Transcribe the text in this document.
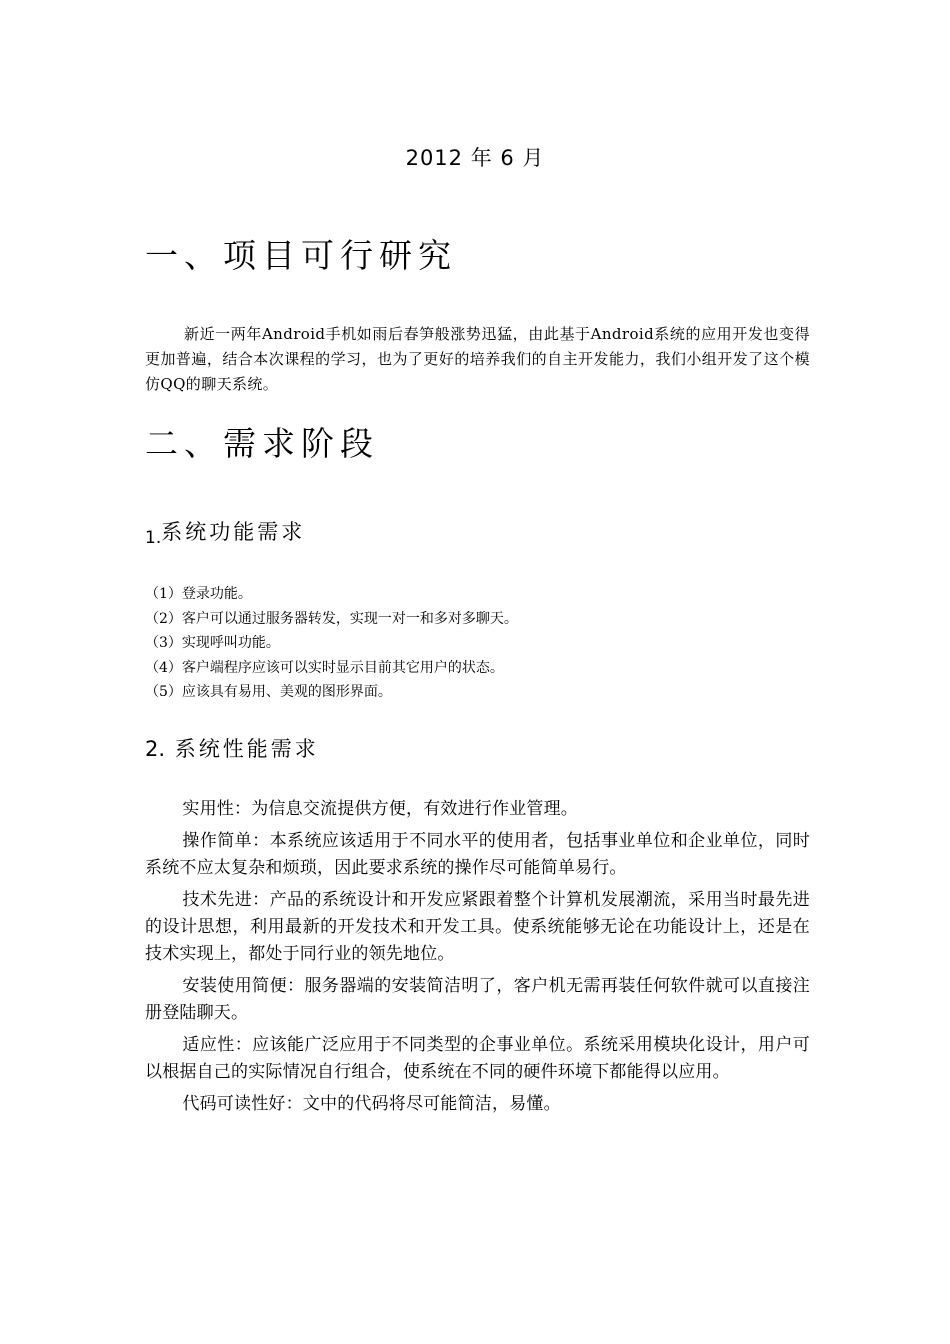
2012 年 6 月
一、项目可行研究

新近一两年Android手机如雨后春笋般涨势迅猛，由此基于Android系统的应用开发也变得更加普遍，结合本次课程的学习，也为了更好的培养我们的自主开发能力，我们小组开发了这个模仿QQ的聊天系统。

二、需求阶段
1.系统功能需求
（1）登录功能。
（2）客户可以通过服务器转发，实现一对一和多对多聊天。
（3）实现呼叫功能。
（4）客户端程序应该可以实时显示目前其它用户的状态。
（5）应该具有易用、美观的图形界面。
2. 系统性能需求

实用性：为信息交流提供方便，有效进行作业管理。

操作简单：本系统应该适用于不同水平的使用者，包括事业单位和企业单位，同时系统不应太复杂和烦琐，因此要求系统的操作尽可能简单易行。

技术先进：产品的系统设计和开发应紧跟着整个计算机发展潮流，采用当时最先进的设计思想，利用最新的开发技术和开发工具。使系统能够无论在功能设计上，还是在技术实现上，都处于同行业的领先地位。

安装使用简便：服务器端的安装简洁明了，客户机无需再装任何软件就可以直接注册登陆聊天。

适应性：应该能广泛应用于不同类型的企事业单位。系统采用模块化设计，用户可以根据自己的实际情况自行组合，使系统在不同的硬件环境下都能得以应用。

代码可读性好：文中的代码将尽可能简洁，易懂。
